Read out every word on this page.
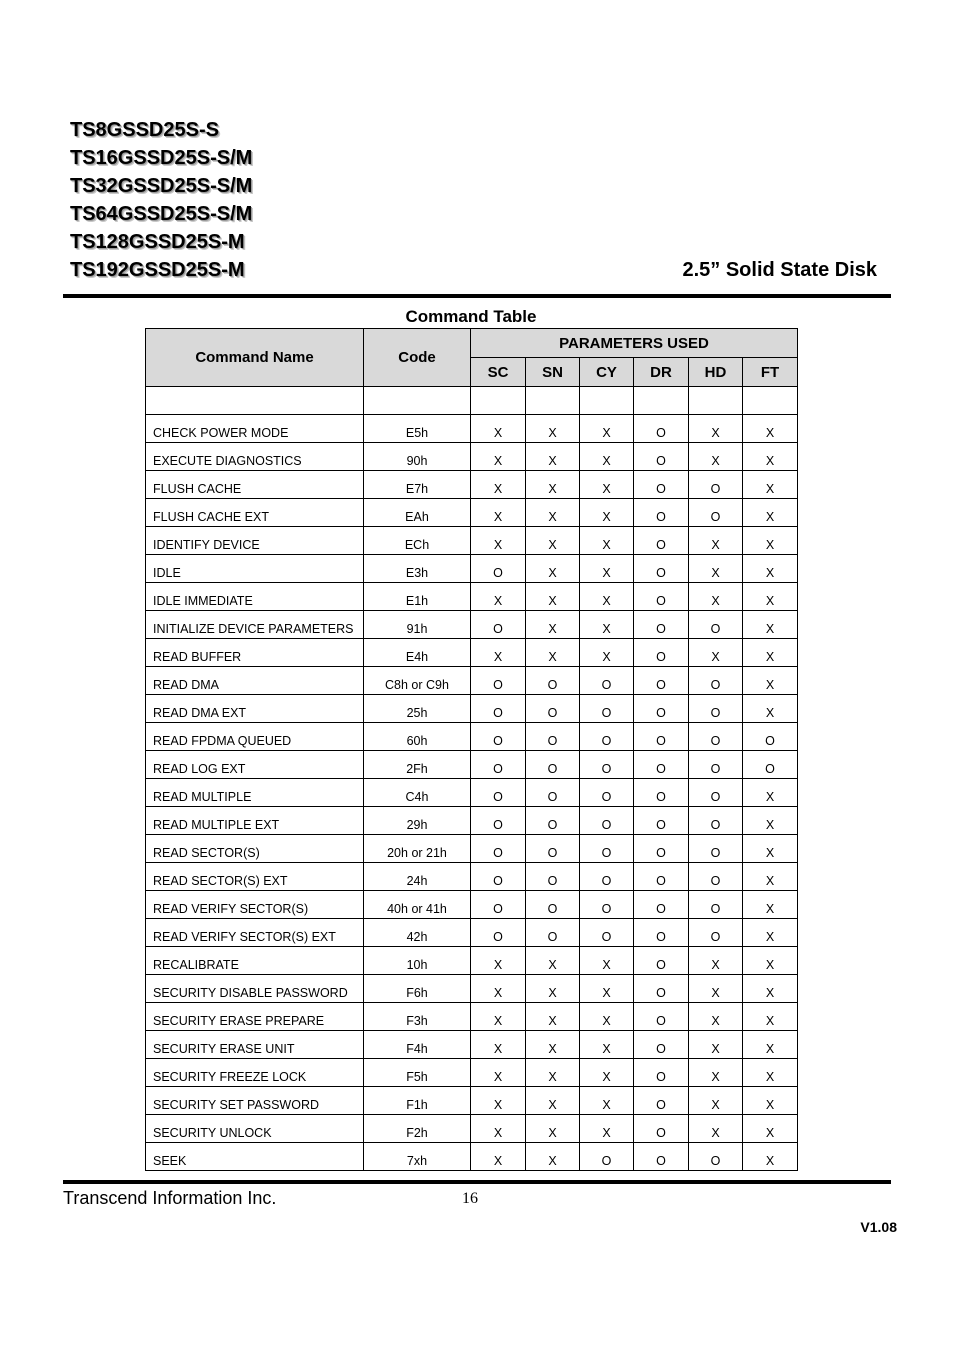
TS8GSSD25S-S
TS16GSSD25S-S/M
TS32GSSD25S-S/M
TS64GSSD25S-S/M
TS128GSSD25S-M
TS192GSSD25S-M	2.5” Solid State Disk
Command Table
Command Name	Code	PARAMETERS USED					
		SC	SN	CY	DR	HD	FT

CHECK POWER MODE	E5h	X	X	X	O	X	X
EXECUTE DIAGNOSTICS	90h	X	X	X	O	X	X
FLUSH CACHE	E7h	X	X	X	O	O	X
FLUSH CACHE EXT	EAh	X	X	X	O	O	X
IDENTIFY DEVICE	ECh	X	X	X	O	X	X
IDLE	E3h	O	X	X	O	X	X
IDLE IMMEDIATE	E1h	X	X	X	O	X	X
INITIALIZE DEVICE PARAMETERS	91h	O	X	X	O	O	X
READ BUFFER	E4h	X	X	X	O	X	X
READ DMA	C8h or C9h	O	O	O	O	O	X
READ DMA EXT	25h	O	O	O	O	O	X
READ FPDMA QUEUED	60h	O	O	O	O	O	O
READ LOG EXT	2Fh	O	O	O	O	O	O
READ MULTIPLE	C4h	O	O	O	O	O	X
READ MULTIPLE EXT	29h	O	O	O	O	O	X
READ SECTOR(S)	20h or 21h	O	O	O	O	O	X
READ SECTOR(S) EXT	24h	O	O	O	O	O	X
READ VERIFY SECTOR(S)	40h or 41h	O	O	O	O	O	X
READ VERIFY SECTOR(S) EXT	42h	O	O	O	O	O	X
RECALIBRATE	10h	X	X	X	O	X	X
SECURITY DISABLE PASSWORD	F6h	X	X	X	O	X	X
SECURITY ERASE PREPARE	F3h	X	X	X	O	X	X
SECURITY ERASE UNIT	F4h	X	X	X	O	X	X
SECURITY FREEZE LOCK	F5h	X	X	X	O	X	X
SECURITY SET PASSWORD	F1h	X	X	X	O	X	X
SECURITY UNLOCK	F2h	X	X	X	O	X	X
SEEK	7xh	X	X	O	O	O	X
Transcend Information Inc.	16
V1.08
